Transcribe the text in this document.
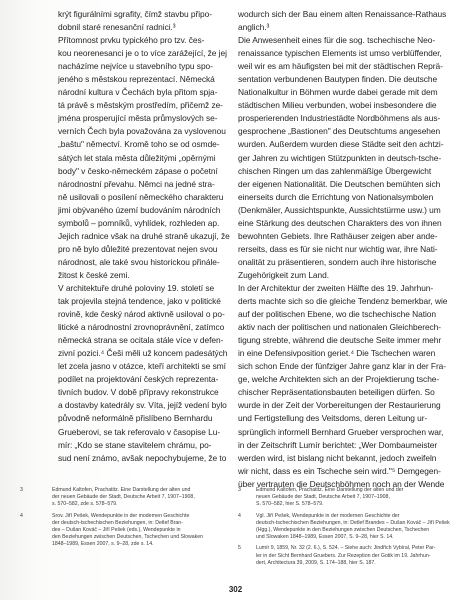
krýt figurálními sgrafity, čímž stavbu připo-
dobnil staré renesanční radnici.³
Přítomnost prvku typického pro tzv. čes-
kou neorenesanci je o to více zarážející, že jej
nacházíme nejvíce u stavebního typu spo-
jeného s městskou reprezentací. Německá
národní kultura v Čechách byla přitom spja-
tá právě s městským prostředím, přičemž ze-
jména prosperující města průmyslových se-
verních Čech byla považována za vyslovenou
„baštu" němectví. Kromě toho se od osmde-
sátých let stala města důležitými „opěrnými
body" v česko-německém zápase o početní
národnostní převahu. Němci na jedné stra-
ně usilovali o posílení německého charakteru
jimi obývaného území budováním národních
symbolů – pomníků, vyhlídek, rozhleden ap.
Jejich radnice však na druhé straně ukazují, že
pro ně bylo důležité prezentovat nejen svou
národnost, ale také svou historickou přinále-
žitost k české zemi.
V architektuře druhé poloviny 19. století se
tak projevila stejná tendence, jako v politické
rovině, kde český národ aktivně usiloval o po-
litické a národnostní zrovnoprávnění, zatímco
německá strana se ocitala stále více v defen-
zivní pozici.⁴ Češi měli už koncem padesátých
let zcela jasno v otázce, kteří architekti se smí
podílet na projektování českých reprezenta-
tivních budov. V době přípravy rekonstrukce
a dostavby katedrály sv. Víta, jejíž vedení bylo
původně neformálně přislíbeno Bernhardu
Grueberovi, se tak referovalo v časopise Lu-
mír: „Kdo se stane stavitelem chrámu, po-
sud není známo, avšak nepochybujeme, že to
wodurch sich der Bau einem alten Renaissance-Rathaus
anglich.³
Die Anwesenheit eines für die sog. tschechische Neo-
renaissance typischen Elements ist umso verblüffender,
weil wir es am häufigsten bei mit der städtischen Reprä-
sentation verbundenen Bautypen finden. Die deutsche
Nationalkultur in Böhmen wurde dabei gerade mit dem
städtischen Milieu verbunden, wobei insbesondere die
prosperierenden Industriestädte Nordböhmens als aus-
gesprochene „Bastionen" des Deutschtums angesehen
wurden. Außerdem wurden diese Städte seit den achtzi-
ger Jahren zu wichtigen Stützpunkten in deutsch-tsche-
chischen Ringen um das zahlenmäßige Übergewicht
der eigenen Nationalität. Die Deutschen bemühten sich
einerseits durch die Errichtung von Nationalsymbolen
(Denkmäler, Aussichtspunkte, Aussichtstürme usw.) um
eine Stärkung des deutschen Charakters des von ihnen
bewohnten Gebiets. Ihre Rathäuser zeigen aber ande-
rerseits, dass es für sie nicht nur wichtig war, ihre Nati-
onalität zu präsentieren, sondern auch ihre historische
Zugehörigkeit zum Land.
In der Architektur der zweiten Hälfte des 19. Jahrhun-
derts machte sich so die gleiche Tendenz bemerkbar, wie
auf der politischen Ebene, wo die tschechische Nation
aktiv nach der politischen und nationalen Gleichberech-
tigung strebte, während die deutsche Seite immer mehr
in eine Defensivposition geriet.⁴ Die Tschechen waren
sich schon Ende der fünfziger Jahre ganz klar in der Fra-
ge, welche Architekten sich an der Projektierung tsche-
chischer Repräsentationsbauten beteiligen dürfen. So
wurde in der Zeit der Vorbereitungen der Restaurierung
und Fertigstellung des Veitsdoms, deren Leitung ur-
sprünglich informell Bernhard Grueber versprochen war,
in der Zeitschrift Lumír berichtet: „Wer Dombaumeister
werden wird, ist bislang nicht bekannt, jedoch zweifeln
wir nicht, dass es ein Tscheche sein wird."⁵ Demgegen-
über vertrauten die Deutschböhmen noch an der Wende
3	Edmund Kaltofen, Prachatitz. Eine Darstellung der alten und
der neuen Gebäude der Stadt, Deutsche Arbeit 7, 1907–1908,
s. 570–582, zde s. 578–579.
4	Srov. Jiří Pešek, Wendepunkte in der modernen Geschichte
der deutsch-tschechischen Beziehungen, in: Detlef Bran-
des – Dušan Kováč – Jiří Pešek (eds.), Wendepunkte in
den Beziehungen zwischen Deutschen, Tschechen und Slowaken
1848–1989, Essen 2007, s. 9–28, zde s. 14.
3	Edmund Kaltofen, Prachatitz. Eine Darstellung der alten und der
neuen Gebäude der Stadt, Deutsche Arbeit 7, 1907–1908,
S. 570–582, hier S. 578–579.
4	Vgl. Jiří Pešek, Wendepunkte in der modernen Geschichte der
deutsch-tschechischen Beziehungen, in: Detlef Brandes – Dušan Kováč – Jiří Pešek
(Hgg.), Wendepunkte in den Beziehungen zwischen Deutschen, Tschechen
und Slowaken 1848–1989, Essen 2007, S. 9–28, hier S. 14.
5	Lumír 9, 1859, Nr. 32 (2. 6.), S. 524. – Siehe auch: Jindřich Vybíral, Peter Par-
ler in der Sicht Bernhard Gruebers. Zur Rezeption der Gotik im 19. Jahrhun-
dert, Architectura 39, 2009, S. 174–188, hier S. 187.
302
